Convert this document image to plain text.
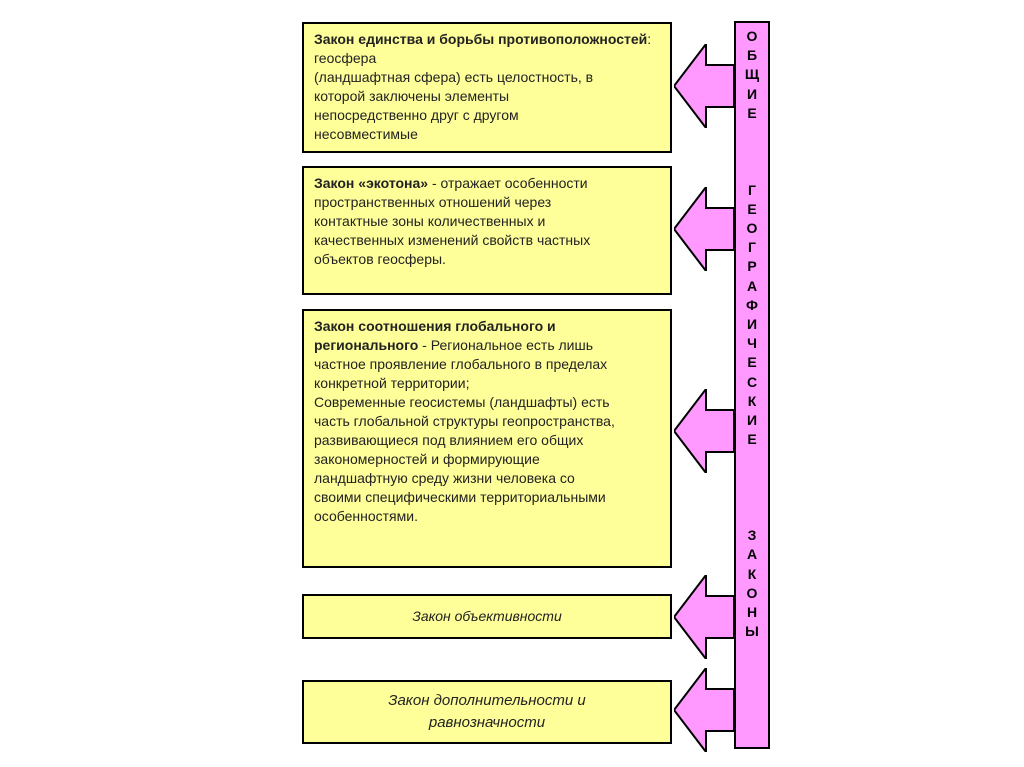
Закон единства и борьбы противоположностей: геосфера
(ландшафтная сфера) есть целостность, в
которой заключены элементы
непосредственно друг с другом
несовместимые
Закон «экотона» - отражает особенности
пространственных отношений через
контактные зоны количественных и
качественных изменений свойств частных
объектов геосферы.
Закон соотношения глобального и
регионального - Региональное есть лишь
частное проявление глобального в пределах
конкретной территории;
Современные геосистемы (ландшафты) есть
часть глобальной структуры геопространства,
развивающиеся под влиянием его общих
закономерностей и формирующие
ландшафтную среду жизни человека со
своими специфическими территориальными
особенностями.
Закон объективности
Закон дополнительности и
равнозначности
О
Б
Щ
И
Е

Г
Е
О
Г
Р
А
Ф
И
Ч
Е
С
К
И
Е

З
А
К
О
Н
Ы
